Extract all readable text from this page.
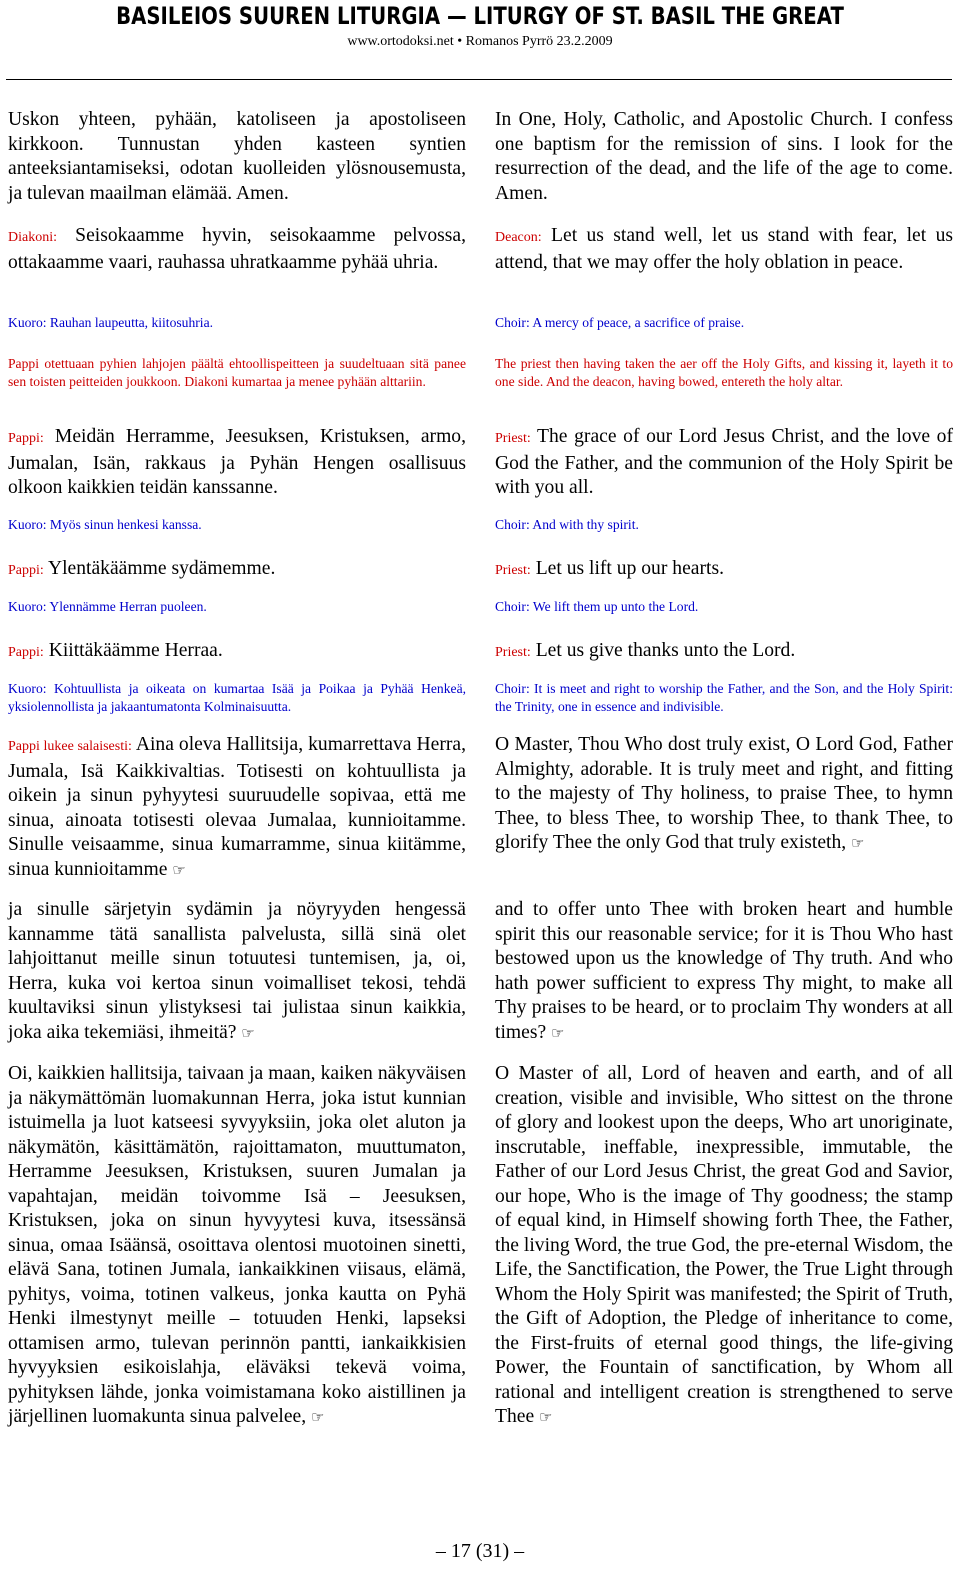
BASILEIOS SUUREN LITURGIA — LITURGY OF ST. BASIL THE GREAT
www.ortodoksi.net • Romanos Pyrrö 23.2.2009
Uskon yhteen, pyhään, katoliseen ja apostoliseen kirkkoon. Tunnustan yhden kasteen syntien anteeksiantamiseksi, odotan kuolleiden ylösnousemusta, ja tulevan maailman elämää. Amen.
Diakoni: Seisokaamme hyvin, seisokaamme pelvossa, ottakaamme vaari, rauhassa uhratkaamme pyhää uhria.
Kuoro: Rauhan laupeutta, kiitosuhria.
Pappi otettuaan pyhien lahjojen päältä ehtoollispeitteen ja suudeltuaan sitä panee sen toisten peitteiden joukkoon. Diakoni kumartaa ja menee pyhään alttariin.
Pappi: Meidän Herramme, Jeesuksen, Kristuksen, armo, Jumalan, Isän, rakkaus ja Pyhän Hengen osallisuus olkoon kaikkien teidän kanssanne.
Kuoro: Myös sinun henkesi kanssa.
Pappi: Ylentäkäämme sydämemme.
Kuoro: Ylennämme Herran puoleen.
Pappi: Kiittäkäämme Herraa.
Kuoro: Kohtuullista ja oikeata on kumartaa Isää ja Poikaa ja Pyhää Henkeä, yksiolennollista ja jakaantumatonta Kolminaisuutta.
Pappi lukee salaisesti: Aina oleva Hallitsija, kumarrettava Herra, Jumala, Isä Kaikkivaltias. Totisesti on kohtuullista ja oikein ja sinun pyhyytesi suuruudelle sopivaa, että me sinua, ainoata totisesti olevaa Jumalaa, kunnioitamme. Sinulle veisaamme, sinua kumarramme, sinua kiitämme, sinua kunnioitamme ☞
ja sinulle särjetyin sydämin ja nöyryyden hengessä kannamme tätä sanallista palvelusta, sillä sinä olet lahjoittanut meille sinun totuutesi tuntemisen, ja, oi, Herra, kuka voi kertoa sinun voimalliset tekosi, tehdä kuultaviksi sinun ylistyksesi tai julistaa sinun kaikkia, joka aika tekemiäsi, ihmeitä? ☞
Oi, kaikkien hallitsija, taivaan ja maan, kaiken näkyväisen ja näkymättömän luomakunnan Herra, joka istut kunnian istuimella ja luot katseesi syvyyksiin, joka olet aluton ja näkymätön, käsittämätön, rajoittamaton, muuttumaton, Herramme Jeesuksen, Kristuksen, suuren Jumalan ja vapahtajan, meidän toivomme Isä – Jeesuksen, Kristuksen, joka on sinun hyvyytesi kuva, itsessänsä sinua, omaa Isäänsä, osoittava olentosi muotoinen sinetti, elävä Sana, totinen Jumala, iankaikkinen viisaus, elämä, pyhitys, voima, totinen valkeus, jonka kautta on Pyhä Henki ilmestynyt meille – totuuden Henki, lapseksi ottamisen armo, tulevan perinnön pantti, iankaikkisien hyvyyksien esikoislahja, eläväksi tekevä voima, pyhityksen lähde, jonka voimistamana koko aistillinen ja järjellinen luomakunta sinua palvelee, ☞
In One, Holy, Catholic, and Apostolic Church. I confess one baptism for the remission of sins. I look for the resurrection of the dead, and the life of the age to come. Amen.
Deacon: Let us stand well, let us stand with fear, let us attend, that we may offer the holy oblation in peace.
Choir: A mercy of peace, a sacrifice of praise.
The priest then having taken the aer off the Holy Gifts, and kissing it, layeth it to one side. And the deacon, having bowed, entereth the holy altar.
Priest: The grace of our Lord Jesus Christ, and the love of God the Father, and the communion of the Holy Spirit be with you all.
Choir: And with thy spirit.
Priest: Let us lift up our hearts.
Choir: We lift them up unto the Lord.
Priest: Let us give thanks unto the Lord.
Choir: It is meet and right to worship the Father, and the Son, and the Holy Spirit: the Trinity, one in essence and indivisible.
O Master, Thou Who dost truly exist, O Lord God, Father Almighty, adorable. It is truly meet and right, and fitting to the majesty of Thy holiness, to praise Thee, to hymn Thee, to bless Thee, to worship Thee, to thank Thee, to glorify Thee the only God that truly existeth, ☞
and to offer unto Thee with broken heart and humble spirit this our reasonable service; for it is Thou Who hast bestowed upon us the knowledge of Thy truth. And who hath power sufficient to express Thy might, to make all Thy praises to be heard, or to proclaim Thy wonders at all times? ☞
O Master of all, Lord of heaven and earth, and of all creation, visible and invisible, Who sittest on the throne of glory and lookest upon the deeps, Who art unoriginate, inscrutable, ineffable, inexpressible, immutable, the Father of our Lord Jesus Christ, the great God and Savior, our hope, Who is the image of Thy goodness; the stamp of equal kind, in Himself showing forth Thee, the Father, the living Word, the true God, the pre-eternal Wisdom, the Life, the Sanctification, the Power, the True Light through Whom the Holy Spirit was manifested; the Spirit of Truth, the Gift of Adoption, the Pledge of inheritance to come, the First-fruits of eternal good things, the life-giving Power, the Fountain of sanctification, by Whom all rational and intelligent creation is strengthened to serve Thee ☞
– 17 (31) –
